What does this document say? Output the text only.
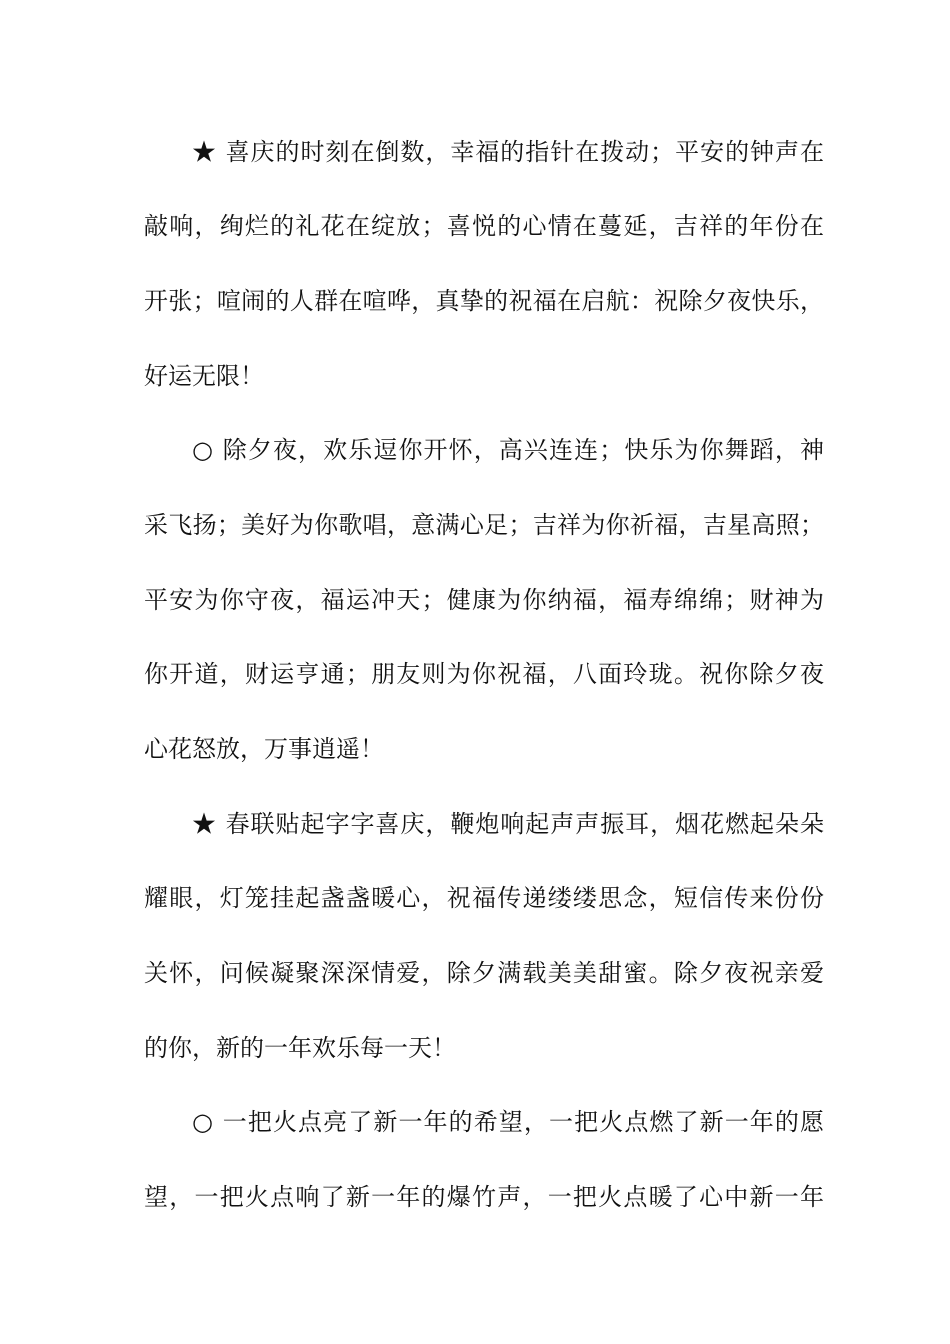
★ 喜庆的时刻在倒数，幸福的指针在拨动；平安的钟声在
敲响，绚烂的礼花在绽放；喜悦的心情在蔓延，吉祥的年份在
开张；喧闹的人群在喧哗，真挚的祝福在启航：祝除夕夜快乐，
好运无限！
○ 除夕夜，欢乐逗你开怀，高兴连连；快乐为你舞蹈，神
采飞扬；美好为你歌唱，意满心足；吉祥为你祈福，吉星高照；
平安为你守夜，福运冲天；健康为你纳福，福寿绵绵；财神为
你开道，财运亨通；朋友则为你祝福，八面玲珑。祝你除夕夜
心花怒放，万事逍遥！
★ 春联贴起字字喜庆，鞭炮响起声声振耳，烟花燃起朵朵
耀眼，灯笼挂起盏盏暖心，祝福传递缕缕思念，短信传来份份
关怀，问候凝聚深深情爱，除夕满载美美甜蜜。除夕夜祝亲爱
的你，新的一年欢乐每一天！
○ 一把火点亮了新一年的希望，一把火点燃了新一年的愿
望，一把火点响了新一年的爆竹声，一把火点暖了心中新一年
